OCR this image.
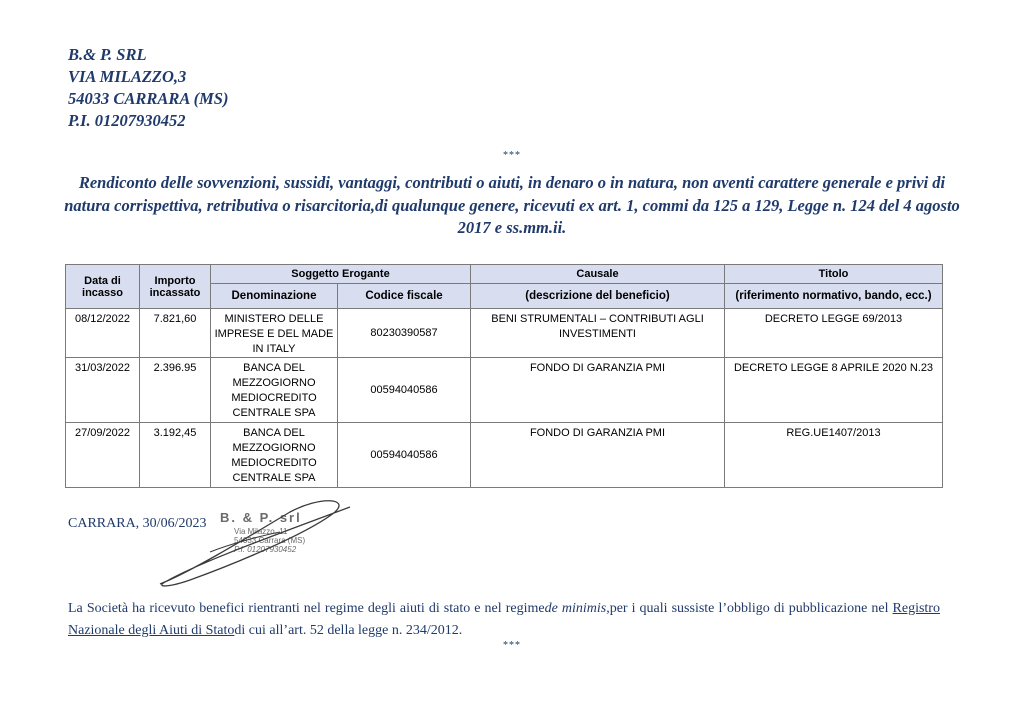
B.& P. SRL
VIA MILAZZO,3
54033 CARRARA (MS)
P.I. 01207930452
***
Rendiconto delle sovvenzioni, sussidi, vantaggi, contributi o aiuti, in denaro o in natura, non aventi carattere generale e privi di natura corrispettiva, retributiva o risarcitoria,di qualunque genere, ricevuti ex art. 1, commi da 125 a 129, Legge n. 124 del 4 agosto 2017 e ss.mm.ii.
Data di incasso	Importo incassato	Soggetto Erogante		Causale	Titolo
		Denominazione	Codice fiscale	(descrizione del beneficio)	(riferimento normativo, bando, ecc.)
08/12/2022	7.821,60	MINISTERO DELLE IMPRESE E DEL MADE IN ITALY	80230390587	BENI STRUMENTALI – CONTRIBUTI AGLI INVESTIMENTI	DECRETO LEGGE 69/2013
31/03/2022	2.396.95	BANCA DEL MEZZOGIORNO MEDIOCREDITO CENTRALE SPA	00594040586	FONDO DI GARANZIA PMI	DECRETO LEGGE 8 APRILE 2020 N.23
27/09/2022	3.192,45	BANCA DEL MEZZOGIORNO MEDIOCREDITO CENTRALE SPA	00594040586	FONDO DI GARANZIA PMI	REG.UE1407/2013
CARRARA, 30/06/2023 B. & P. srl
Via Milazzo, 11
54033 Carrara (MS)
P.I. 01207930452
La Società ha ricevuto benefici rientranti nel regime degli aiuti di stato e nel regimede minimis,per i quali sussiste l’obbligo di pubblicazione nel Registro Nazionale degli Aiuti di Statodi cui all’art. 52 della legge n. 234/2012.
***
